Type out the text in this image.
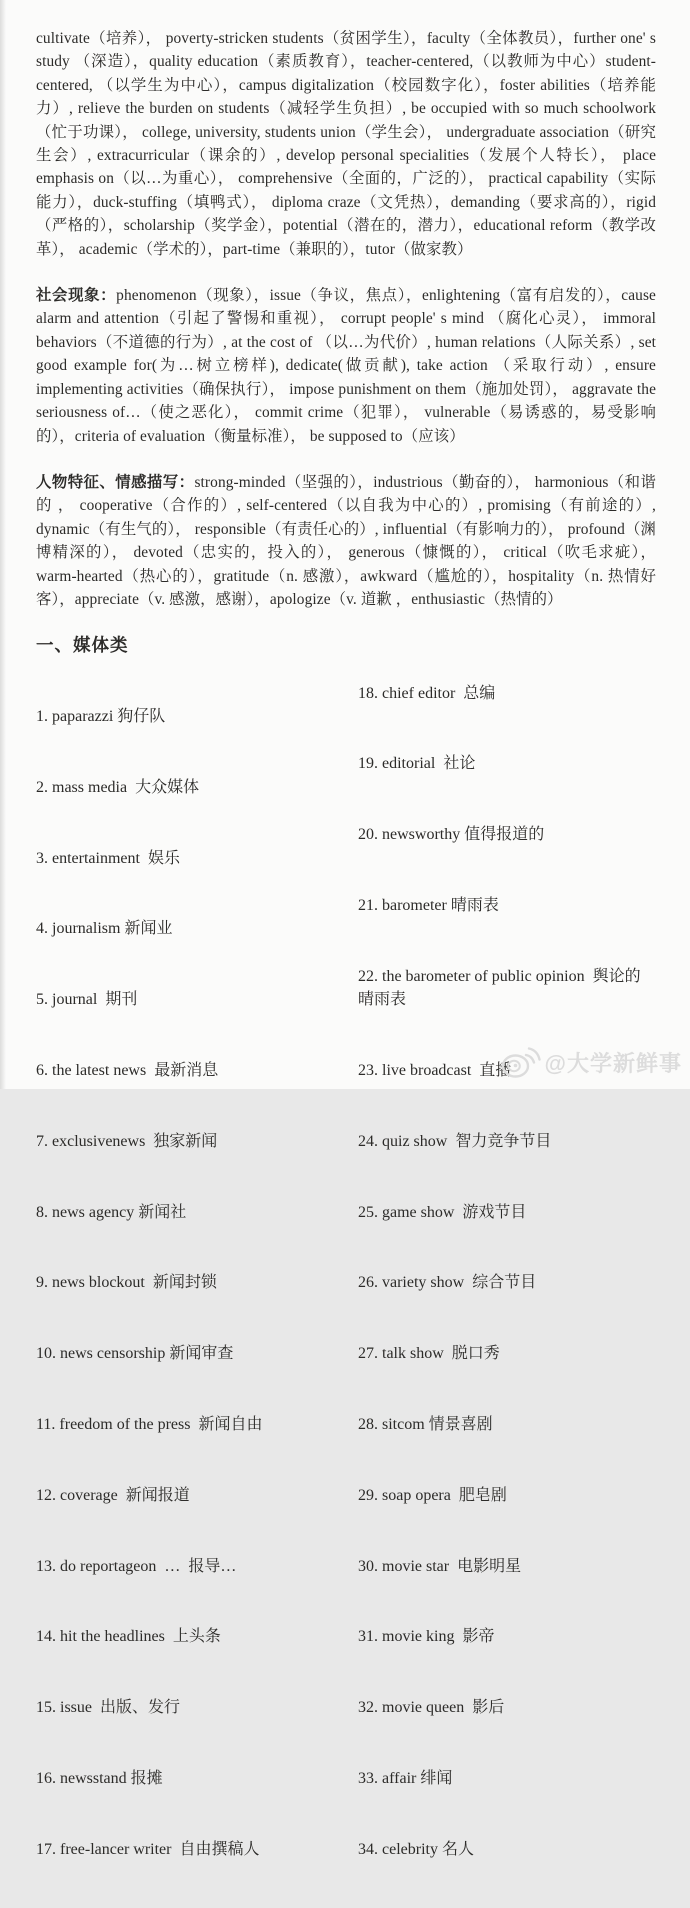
cultivate（培养）， poverty-stricken students（贫困学生），faculty（全体教员），further one' s study （深造），quality education（素质教育），teacher-centered,（以教师为中心）student-centered, （以学生为中心），campus digitalization（校园数字化），foster abilities（培养能力）, relieve the burden on students（减轻学生负担）, be occupied with so much schoolwork（忙于功课）， college, university, students union（学生会）， undergraduate association（研究生会）, extracurricular（课余的）, develop personal specialities（发展个人特长）， place emphasis on（以…为重心）， comprehensive（全面的，广泛的）， practical capability（实际能力），duck-stuffing（填鸭式）， diploma craze（文凭热），demanding（要求高的），rigid（严格的），scholarship（奖学金），potential（潜在的，潜力），educational reform（教学改革）， academic（学术的），part-time（兼职的），tutor（做家教）

社会现象：phenomenon（现象），issue（争议，焦点），enlightening（富有启发的），cause alarm and attention（引起了警惕和重视）， corrupt people' s mind （腐化心灵）， immoral behaviors（不道德的行为）, at the cost of （以…为代价）, human relations（人际关系）, set good example for(为…树立榜样), dedicate(做贡献), take action （采取行动）, ensure implementing activities（确保执行）， impose punishment on them（施加处罚）， aggravate the seriousness of…（使之恶化）， commit crime（犯罪）， vulnerable（易诱惑的，易受影响的），criteria of evaluation（衡量标准）， be supposed to（应该）

人物特征、情感描写：strong-minded（坚强的），industrious（勤奋的）， harmonious（和谐的 ， cooperative（合作的）, self-centered（以自我为中心的）, promising（有前途的）, dynamic（有生气的）， responsible（有责任心的）, influential（有影响力的）， profound（渊博精深的）， devoted（忠实的，投入的）， generous（慷慨的）， critical（吹毛求疵）， warm-hearted（热心的），gratitude（n. 感激），awkward（尴尬的），hospitality（n. 热情好客），appreciate（v. 感激，感谢），apologize（v. 道歉 ，enthusiastic（热情的）

一、媒体类

1. paparazzi 狗仔队

2. mass media  大众媒体

3. entertainment  娱乐

4. journalism 新闻业

5. journal  期刊

6. the latest news  最新消息

7. exclusivenews  独家新闻

8. news agency 新闻社

9. news blockout  新闻封锁

10. news censorship 新闻审查

11. freedom of the press  新闻自由

12. coverage  新闻报道

13. do reportageon  …  报导…

14. hit the headlines  上头条

15. issue  出版、发行

16. newsstand 报摊

17. free-lancer writer  自由撰稿人

18. chief editor  总编

19. editorial  社论

20. newsworthy 值得报道的

21. barometer 晴雨表

22. the barometer of public opinion  舆论的晴雨表

23. live broadcast  直播

24. quiz show  智力竞争节目

25. game show  游戏节目

26. variety show  综合节目

27. talk show  脱口秀

28. sitcom 情景喜剧

29. soap opera  肥皂剧

30. movie star  电影明星

31. movie king  影帝

32. movie queen  影后

33. affair 绯闻

34. celebrity 名人

@大学新鲜事
